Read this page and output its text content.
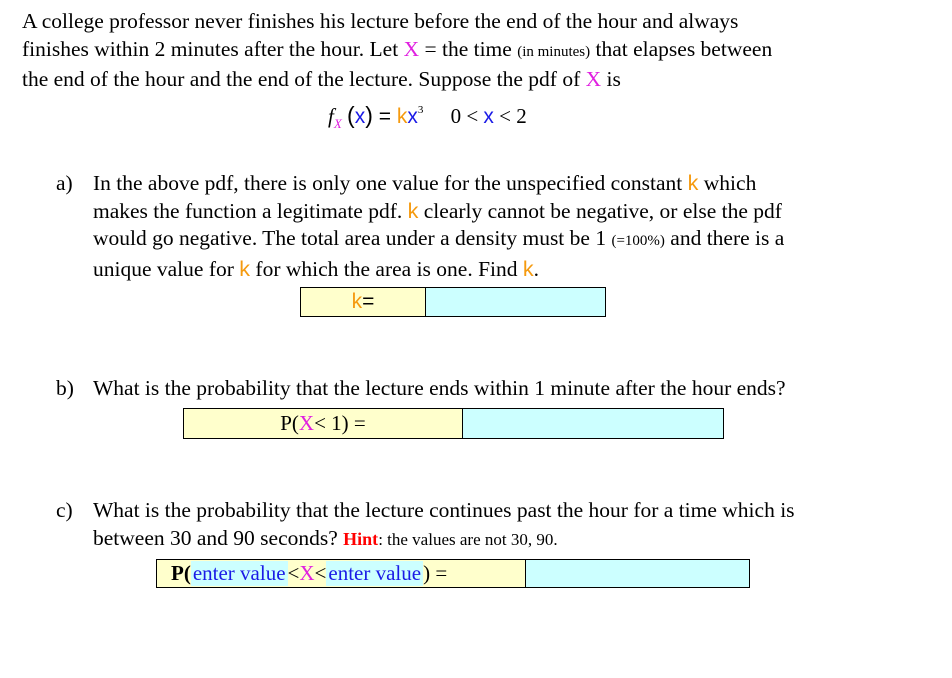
A college professor never finishes his lecture before the end of the hour and always
finishes within 2 minutes after the hour. Let X = the time (in minutes) that elapses between
the end of the hour and the end of the lecture. Suppose the pdf of X is
$f_X$ $(x) = kx^3$ 0 < x < 2
a) In the above pdf, there is only one value for the unspecified constant k which
makes the function a legitimate pdf. k clearly cannot be negative, or else the pdf
would go negative. The total area under a density must be 1 (=100%) and there is a
unique value for k for which the area is one. Find k.
k =
b) What is the probability that the lecture ends within 1 minute after the hour ends?
P( X < 1) =
c) What is the probability that the lecture continues past the hour for a time which is
between 30 and 90 seconds? Hint: the values are not 30, 90.
P( enter value < X < enter value ) =
